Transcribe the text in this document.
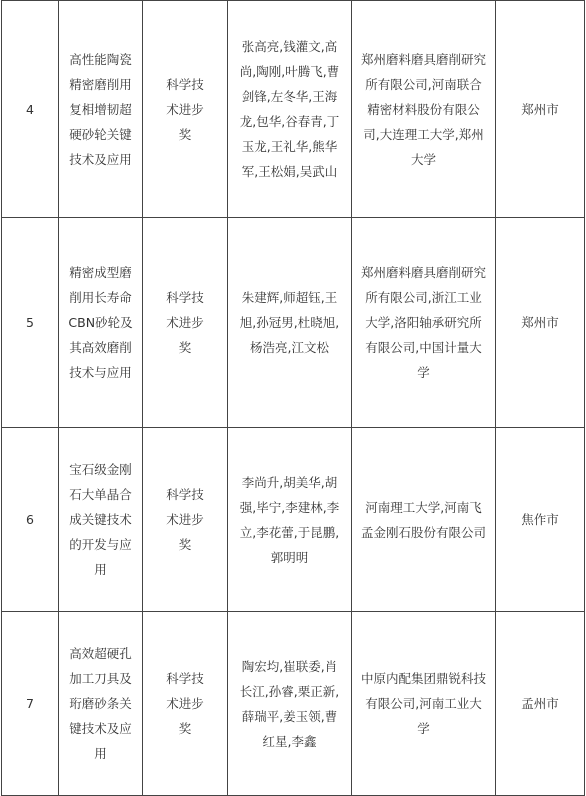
4	高性能陶瓷精密磨削用复相增韧超硬砂轮关键技术及应用	科学技术进步奖	张高亮,钱灌文,高尚,陶刚,叶腾飞,曹剑锋,左冬华,王海龙,包华,谷春青,丁玉龙,王礼华,熊华军,王松娟,吴武山	郑州磨料磨具磨削研究所有限公司,河南联合精密材料股份有限公司,大连理工大学,郑州大学	郑州市
5	精密成型磨削用长寿命CBN砂轮及其高效磨削技术与应用	科学技术进步奖	朱建辉,师超钰,王旭,孙冠男,杜晓旭,杨浩亮,江文松	郑州磨料磨具磨削研究所有限公司,浙江工业大学,洛阳轴承研究所有限公司,中国计量大学	郑州市
6	宝石级金刚石大单晶合成关键技术的开发与应用	科学技术进步奖	李尚升,胡美华,胡强,毕宁,李建林,李立,李花蕾,于昆鹏,郭明明	河南理工大学,河南飞孟金刚石股份有限公司	焦作市
7	高效超硬孔加工刀具及珩磨砂条关键技术及应用	科学技术进步奖	陶宏均,崔联委,肖长江,孙睿,栗正新,薛瑞平,姜玉领,曹红星,李鑫	中原内配集团鼎锐科技有限公司,河南工业大学	孟州市
